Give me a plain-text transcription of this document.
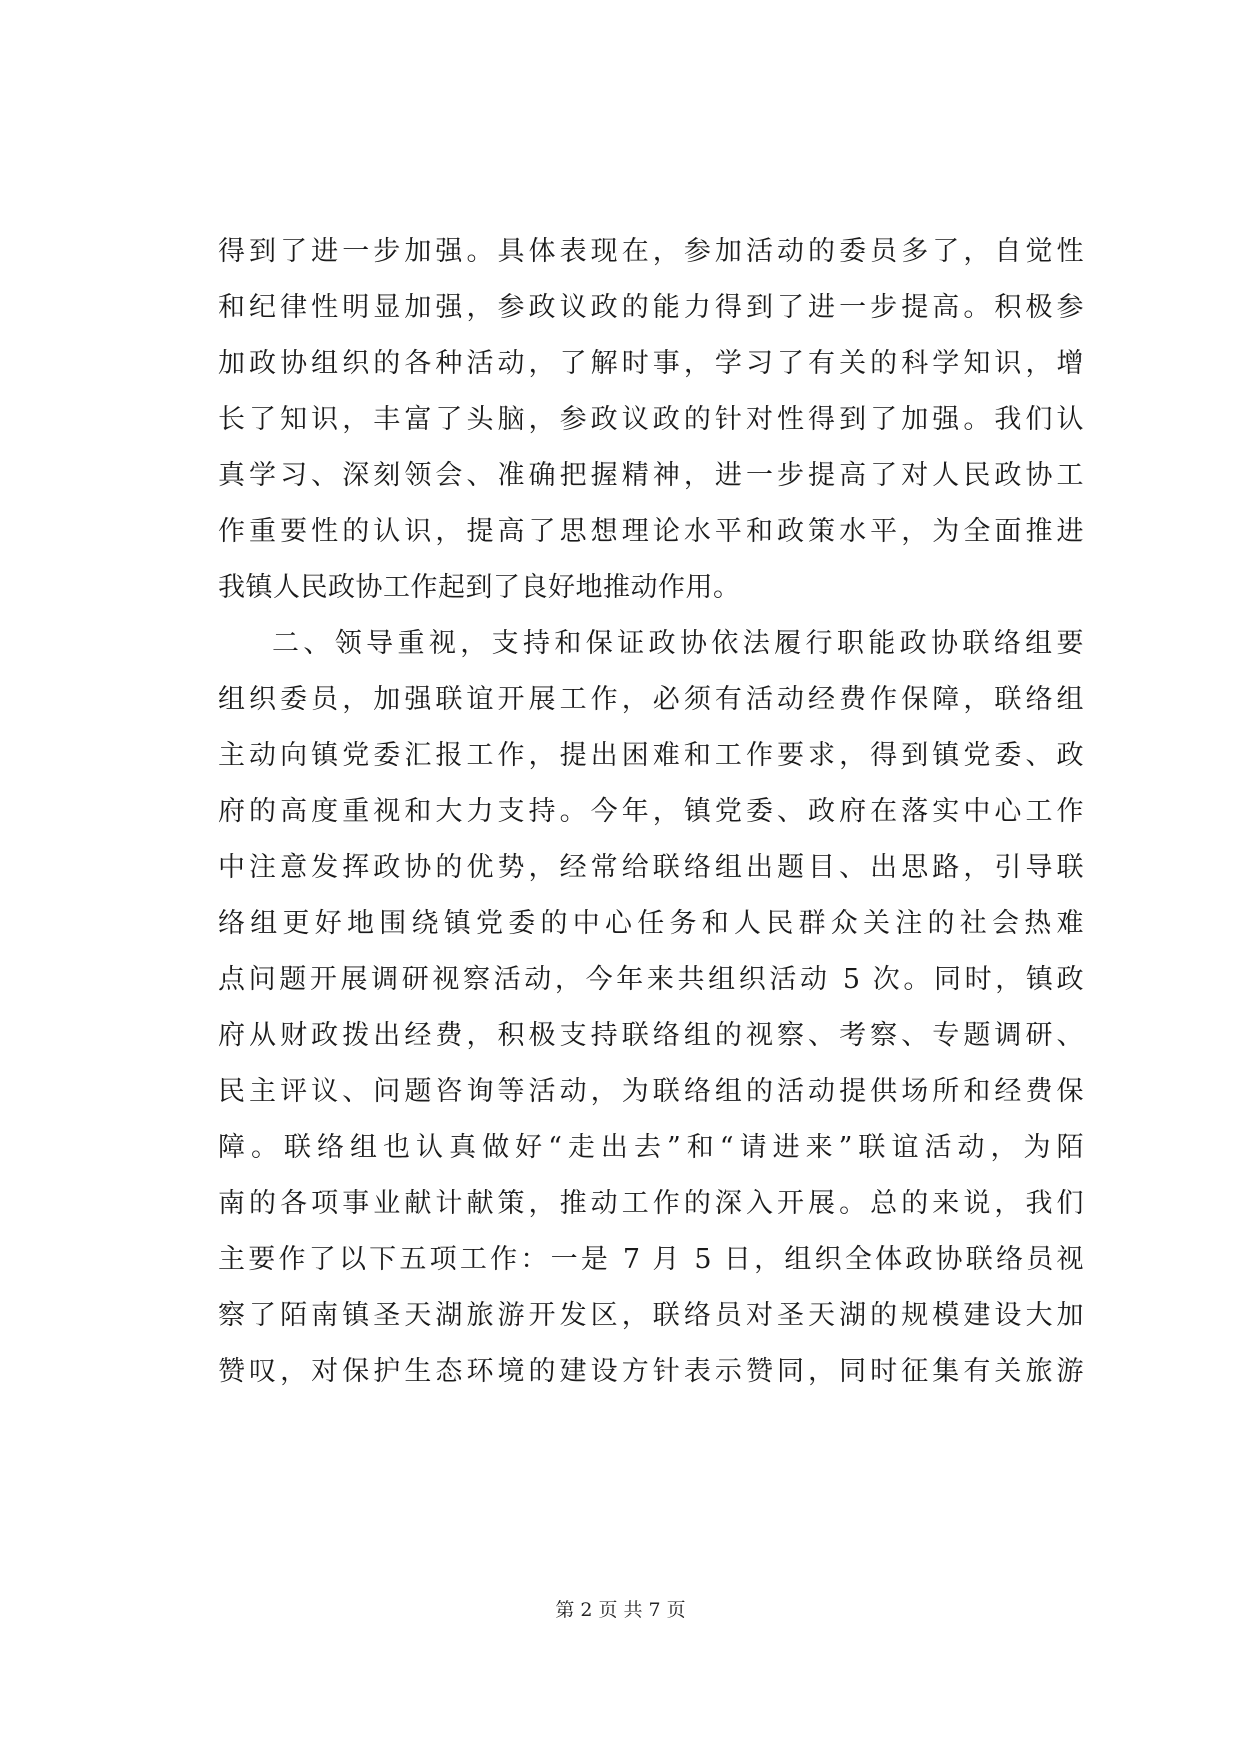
得到了进一步加强。具体表现在，参加活动的委员多了，自觉性
和纪律性明显加强，参政议政的能力得到了进一步提高。积极参
加政协组织的各种活动，了解时事，学习了有关的科学知识，增
长了知识，丰富了头脑，参政议政的针对性得到了加强。我们认
真学习、深刻领会、准确把握精神，进一步提高了对人民政协工
作重要性的认识，提高了思想理论水平和政策水平，为全面推进
我镇人民政协工作起到了良好地推动作用。
二、领导重视，支持和保证政协依法履行职能政协联络组要
组织委员，加强联谊开展工作，必须有活动经费作保障，联络组
主动向镇党委汇报工作，提出困难和工作要求，得到镇党委、政
府的高度重视和大力支持。今年，镇党委、政府在落实中心工作
中注意发挥政协的优势，经常给联络组出题目、出思路，引导联
络组更好地围绕镇党委的中心任务和人民群众关注的社会热难
点问题开展调研视察活动，今年来共组织活动 5 次。同时，镇政
府从财政拨出经费，积极支持联络组的视察、考察、专题调研、
民主评议、问题咨询等活动，为联络组的活动提供场所和经费保
障。联络组也认真做好“走出去”和“请进来”联谊活动，为陌
南的各项事业献计献策，推动工作的深入开展。总的来说，我们
主要作了以下五项工作：一是 7 月 5 日，组织全体政协联络员视
察了陌南镇圣天湖旅游开发区，联络员对圣天湖的规模建设大加
赞叹，对保护生态环境的建设方针表示赞同，同时征集有关旅游
第 2 页 共 7 页
